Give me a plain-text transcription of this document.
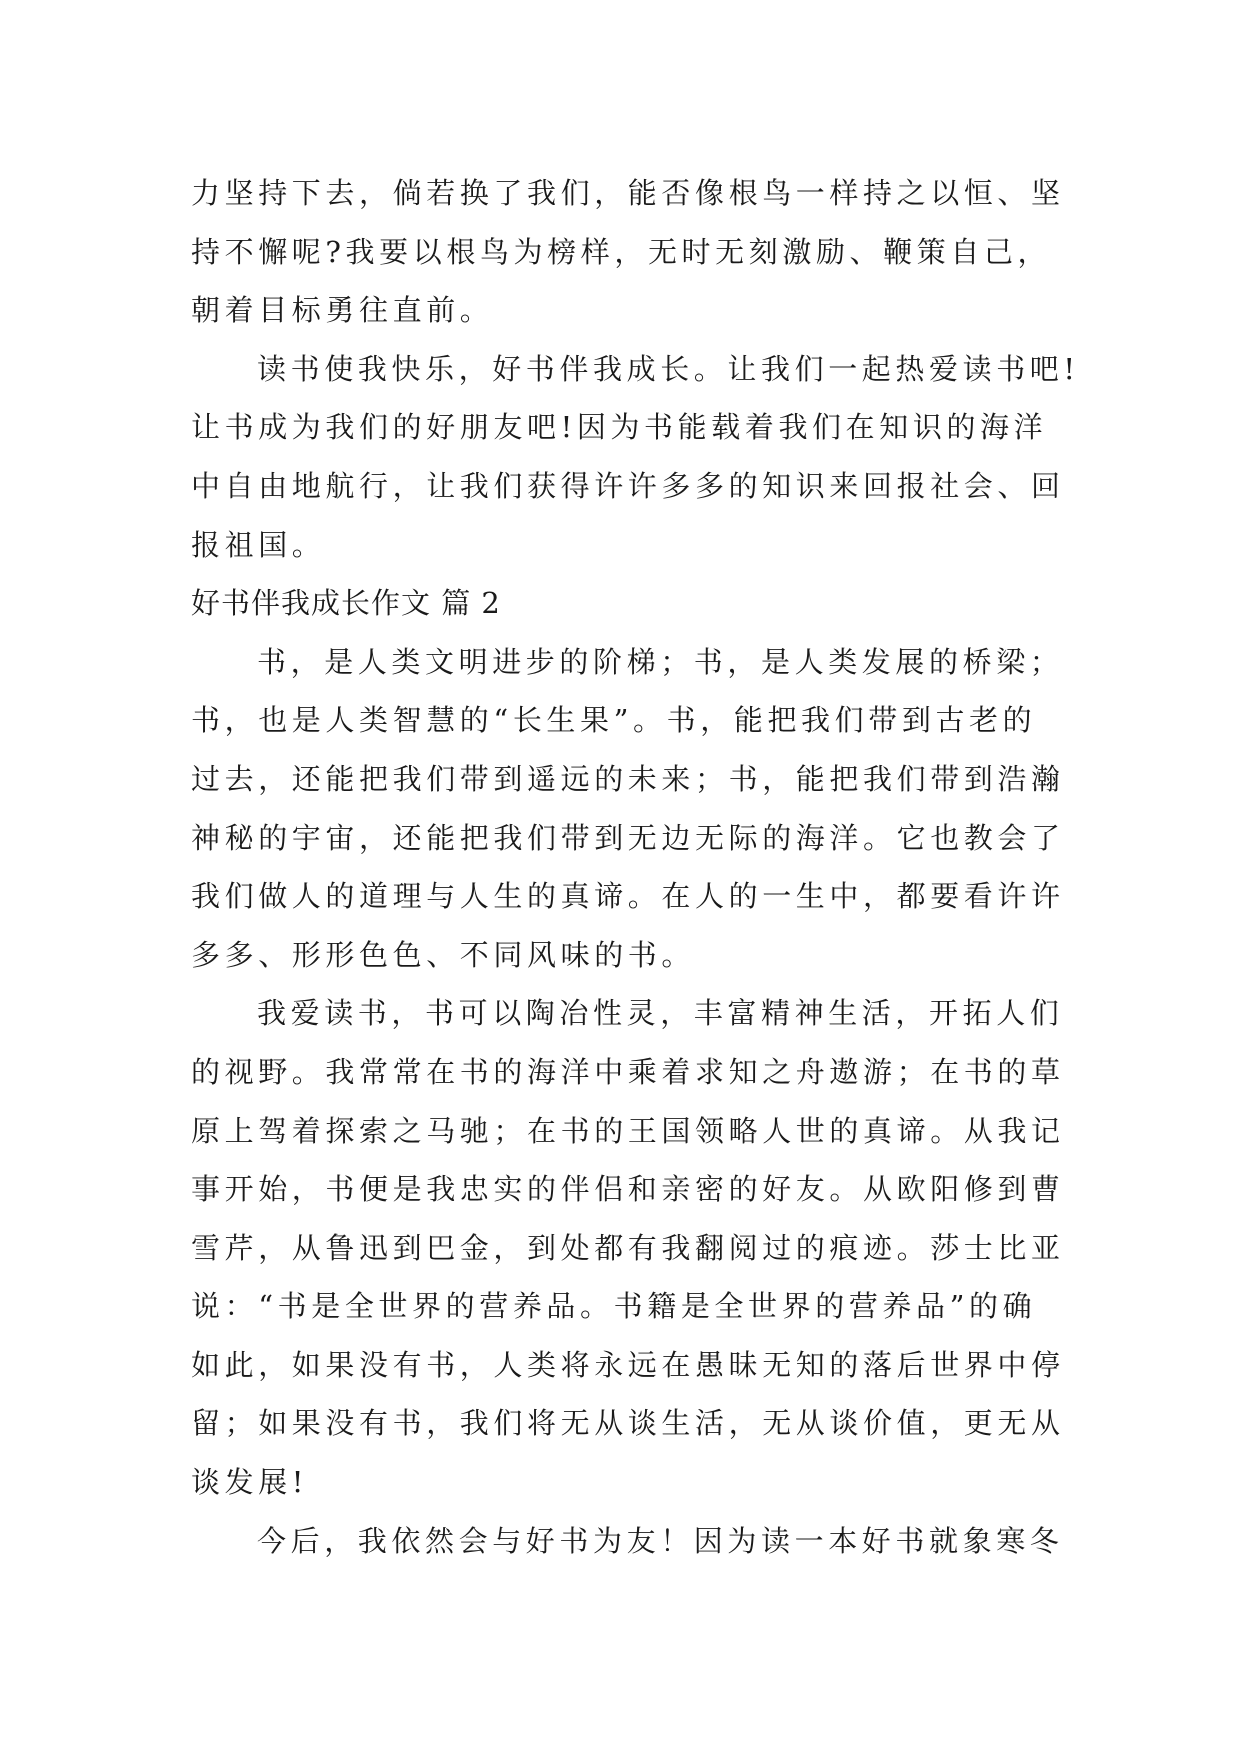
力坚持下去，倘若换了我们，能否像根鸟一样持之以恒、坚
持不懈呢?我要以根鸟为榜样，无时无刻激励、鞭策自己，
朝着目标勇往直前。
读书使我快乐，好书伴我成长。让我们一起热爱读书吧!
让书成为我们的好朋友吧!因为书能载着我们在知识的海洋
中自由地航行，让我们获得许许多多的知识来回报社会、回
报祖国。
好书伴我成长作文 篇 2
书，是人类文明进步的阶梯；书，是人类发展的桥梁；
书，也是人类智慧的“长生果”。书，能把我们带到古老的
过去，还能把我们带到遥远的未来；书，能把我们带到浩瀚
神秘的宇宙，还能把我们带到无边无际的海洋。它也教会了
我们做人的道理与人生的真谛。在人的一生中，都要看许许
多多、形形色色、不同风味的书。
我爱读书，书可以陶冶性灵，丰富精神生活，开拓人们
的视野。我常常在书的海洋中乘着求知之舟遨游；在书的草
原上驾着探索之马驰；在书的王国领略人世的真谛。从我记
事开始，书便是我忠实的伴侣和亲密的好友。从欧阳修到曹
雪芹，从鲁迅到巴金，到处都有我翻阅过的痕迹。莎士比亚
说：“书是全世界的营养品。书籍是全世界的营养品”的确
如此，如果没有书，人类将永远在愚昧无知的落后世界中停
留；如果没有书，我们将无从谈生活，无从谈价值，更无从
谈发展!
今后，我依然会与好书为友！因为读一本好书就象寒冬
